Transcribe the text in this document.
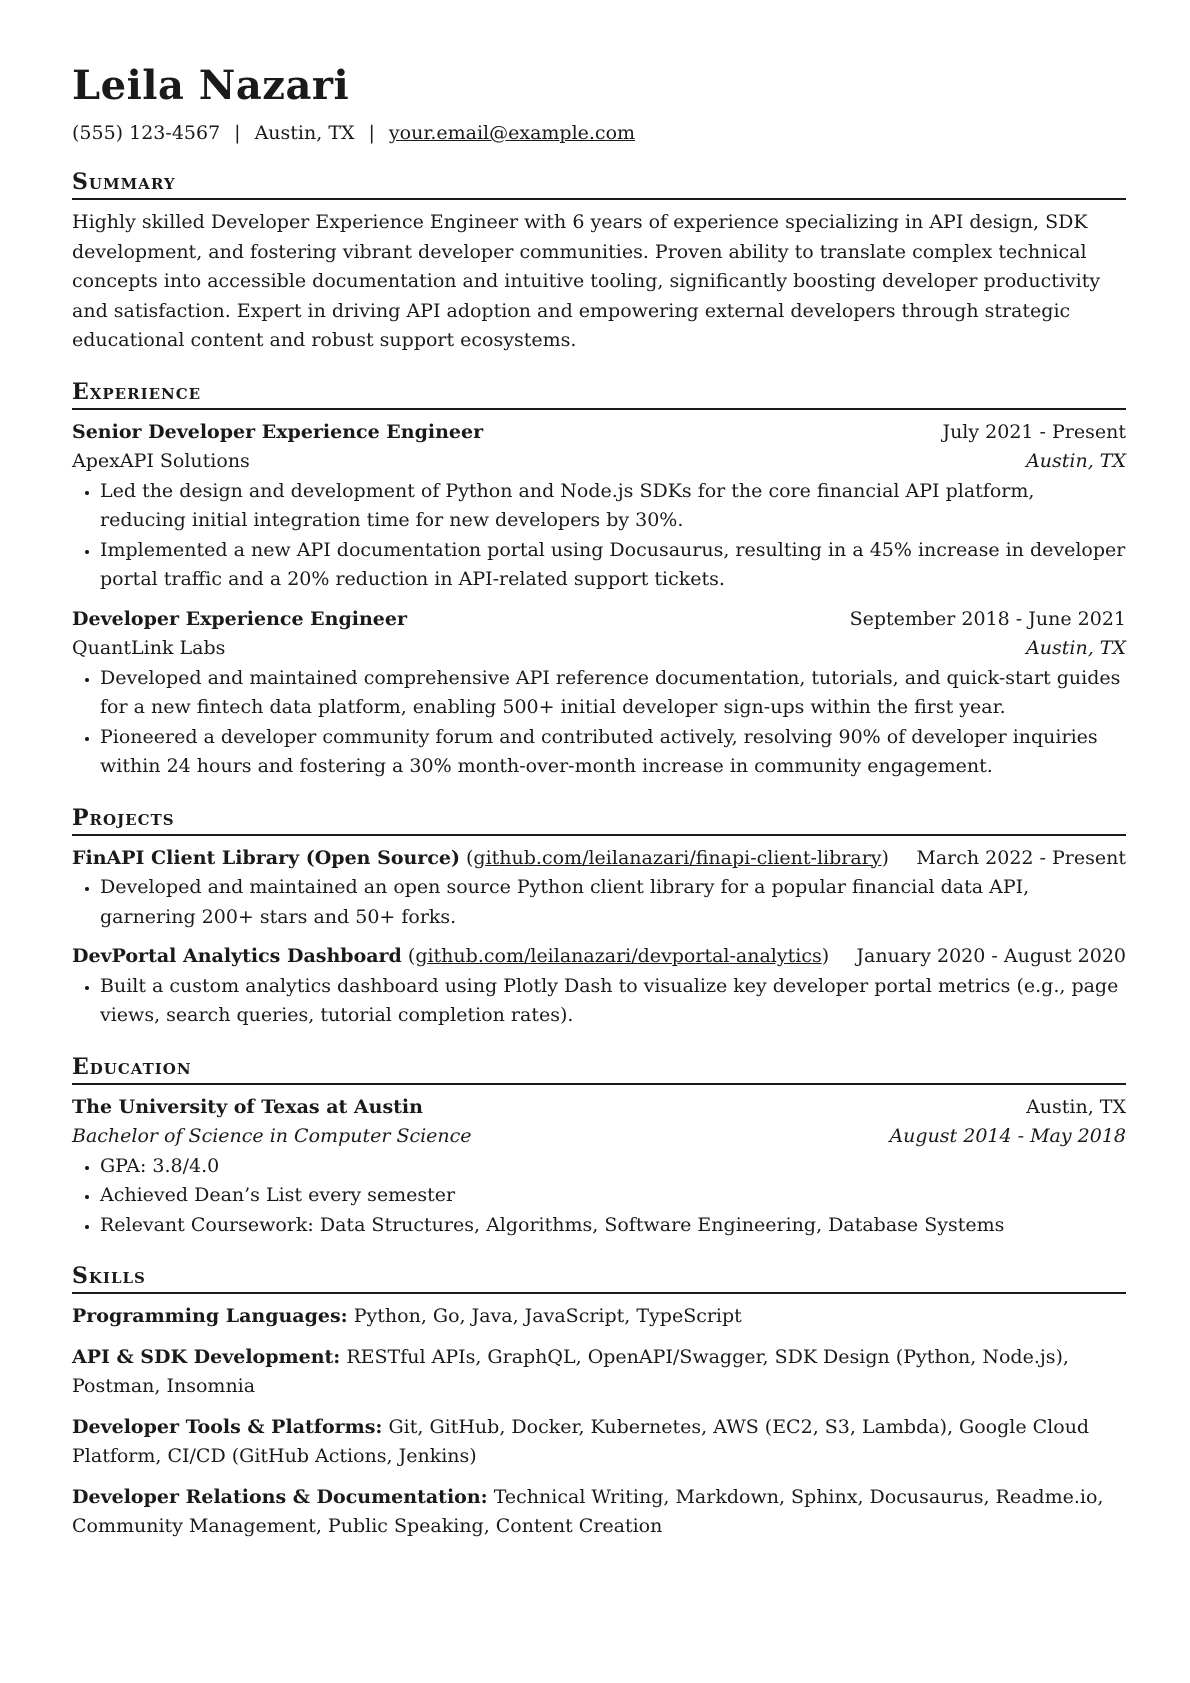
Leila Nazari
(555) 123-4567 | Austin, TX | your.email@example.com
Summary

Highly skilled Developer Experience Engineer with 6 years of experience specializing in API design, SDK development, and fostering vibrant developer communities. Proven ability to translate complex technical concepts into accessible documentation and intuitive tooling, significantly boosting developer productivity and satisfaction. Expert in driving API adoption and empowering external developers through strategic educational content and robust support ecosystems.

Experience
Senior Developer Experience Engineer	July 2021 - Present
ApexAPI Solutions	Austin, TX
• Led the design and development of Python and Node.js SDKs for the core financial API platform, reducing initial integration time for new developers by 30%.
• Implemented a new API documentation portal using Docusaurus, resulting in a 45% increase in developer portal traffic and a 20% reduction in API-related support tickets.
Developer Experience Engineer	September 2018 - June 2021
QuantLink Labs	Austin, TX
• Developed and maintained comprehensive API reference documentation, tutorials, and quick-start guides for a new fintech data platform, enabling 500+ initial developer sign-ups within the first year.
• Pioneered a developer community forum and contributed actively, resolving 90% of developer inquiries within 24 hours and fostering a 30% month-over-month increase in community engagement.
Projects
FinAPI Client Library (Open Source) (github.com/leilanazari/finapi-client-library) March 2022 - Present
• Developed and maintained an open source Python client library for a popular financial data API, garnering 200+ stars and 50+ forks.
DevPortal Analytics Dashboard (github.com/leilanazari/devportal-analytics) January 2020 - August 2020
• Built a custom analytics dashboard using Plotly Dash to visualize key developer portal metrics (e.g., page views, search queries, tutorial completion rates).
Education
The University of Texas at Austin	Austin, TX
Bachelor of Science in Computer Science	August 2014 - May 2018
• GPA: 3.8/4.0
• Achieved Dean’s List every semester
• Relevant Coursework: Data Structures, Algorithms, Software Engineering, Database Systems
Skills

Programming Languages: Python, Go, Java, JavaScript, TypeScript

API & SDK Development: RESTful APIs, GraphQL, OpenAPI/Swagger, SDK Design (Python, Node.js), Postman, Insomnia

Developer Tools & Platforms: Git, GitHub, Docker, Kubernetes, AWS (EC2, S3, Lambda), Google Cloud Platform, CI/CD (GitHub Actions, Jenkins)

Developer Relations & Documentation: Technical Writing, Markdown, Sphinx, Docusaurus, Readme.io, Community Management, Public Speaking, Content Creation
